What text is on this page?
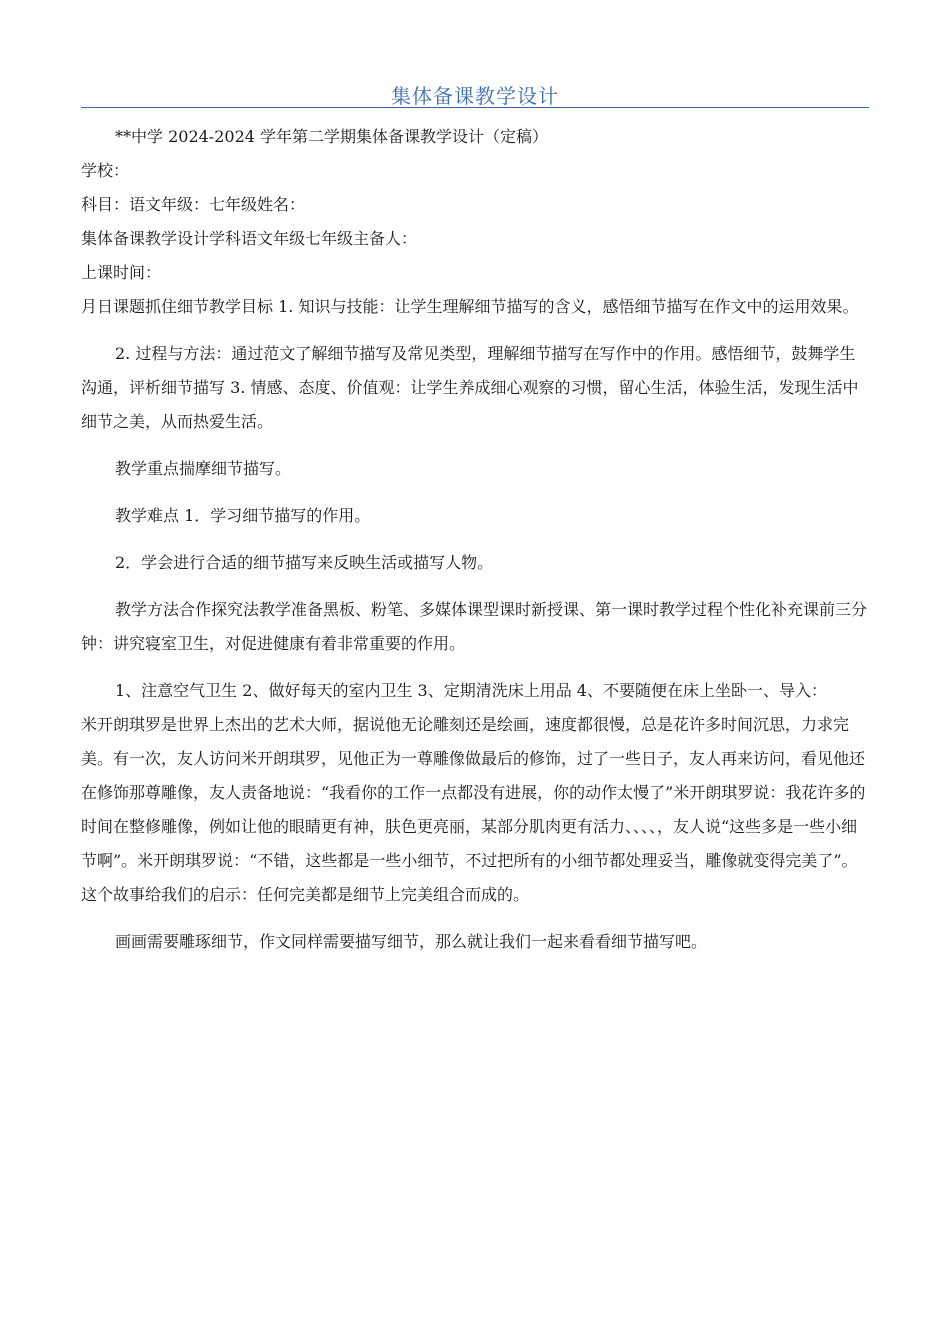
集体备课教学设计

**中学 2024-2024 学年第二学期集体备课教学设计（定稿）

学校：

科目：语文年级：七年级姓名：

集体备课教学设计学科语文年级七年级主备人：

上课时间：

月日课题抓住细节教学目标 1. 知识与技能：让学生理解细节描写的含义，感悟细节描写在作文中的运用效果。

2. 过程与方法：通过范文了解细节描写及常见类型，理解细节描写在写作中的作用。感悟细节，鼓舞学生沟通，评析细节描写 3. 情感、态度、价值观：让学生养成细心观察的习惯，留心生活，体验生活，发现生活中细节之美，从而热爱生活。

教学重点揣摩细节描写。

教学难点 1．学习细节描写的作用。

2．学会进行合适的细节描写来反映生活或描写人物。

教学方法合作探究法教学准备黑板、粉笔、多媒体课型课时新授课、第一课时教学过程个性化补充课前三分钟：讲究寝室卫生，对促进健康有着非常重要的作用。

1、注意空气卫生 2、做好每天的室内卫生 3、定期清洗床上用品 4、不要随便在床上坐卧一、导入：

米开朗琪罗是世界上杰出的艺术大师，据说他无论雕刻还是绘画，速度都很慢，总是花许多时间沉思，力求完美。有一次，友人访问米开朗琪罗，见他正为一尊雕像做最后的修饰，过了一些日子，友人再来访问，看见他还在修饰那尊雕像，友人责备地说：“我看你的工作一点都没有进展，你的动作太慢了”米开朗琪罗说：我花许多的时间在整修雕像，例如让他的眼睛更有神，肤色更亮丽，某部分肌肉更有活力、、、、，友人说“这些多是一些小细节啊”。米开朗琪罗说：“不错，这些都是一些小细节，不过把所有的小细节都处理妥当，雕像就变得完美了”。这个故事给我们的启示：任何完美都是细节上完美组合而成的。

画画需要雕琢细节，作文同样需要描写细节，那么就让我们一起来看看细节描写吧。
